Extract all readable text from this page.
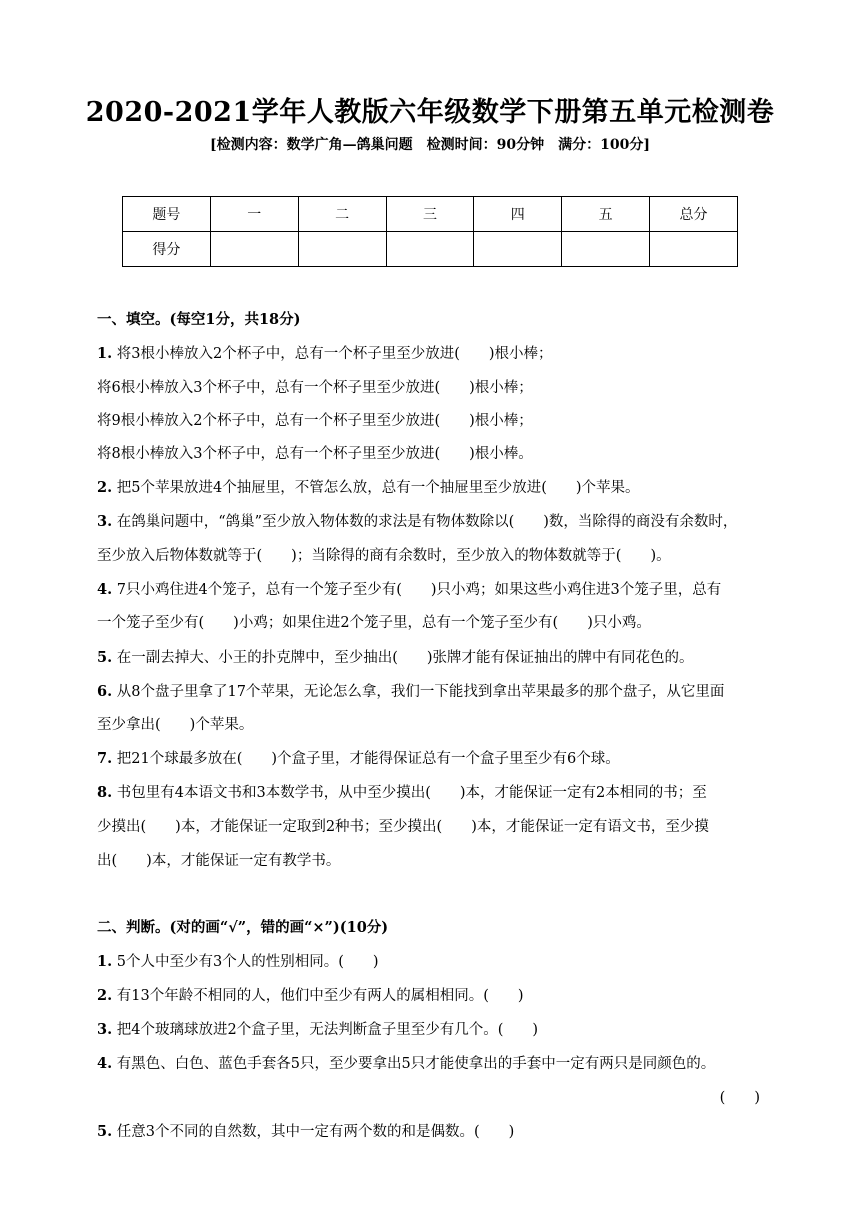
2020-2021学年人教版六年级数学下册第五单元检测卷
[检测内容：数学广角—鸽巢问题　检测时间：90分钟　满分：100分]
题号	一	二	三	四	五	总分
得分						
一、填空。(每空1分，共18分)
1. 将3根小棒放入2个杯子中，总有一个杯子里至少放进(　　)根小棒；
将6根小棒放入3个杯子中，总有一个杯子里至少放进(　　)根小棒；
将9根小棒放入2个杯子中，总有一个杯子里至少放进(　　)根小棒；
将8根小棒放入3个杯子中，总有一个杯子里至少放进(　　)根小棒。
2. 把5个苹果放进4个抽屉里，不管怎么放，总有一个抽屉里至少放进(　　)个苹果。
3. 在鸽巢问题中，“鸽巢”至少放入物体数的求法是有物体数除以(　　)数，当除得的商没有余数时，
至少放入后物体数就等于(　　)；当除得的商有余数时，至少放入的物体数就等于(　　)。
4. 7只小鸡住进4个笼子，总有一个笼子至少有(　　)只小鸡；如果这些小鸡住进3个笼子里，总有
一个笼子至少有(　　)小鸡；如果住进2个笼子里，总有一个笼子至少有(　　)只小鸡。
5. 在一副去掉大、小王的扑克牌中，至少抽出(　　)张牌才能有保证抽出的牌中有同花色的。
6. 从8个盘子里拿了17个苹果，无论怎么拿，我们一下能找到拿出苹果最多的那个盘子，从它里面
至少拿出(　　)个苹果。
7. 把21个球最多放在(　　)个盒子里，才能得保证总有一个盒子里至少有6个球。
8. 书包里有4本语文书和3本数学书，从中至少摸出(　　)本，才能保证一定有2本相同的书；至
少摸出(　　)本，才能保证一定取到2种书；至少摸出(　　)本，才能保证一定有语文书，至少摸
出(　　)本，才能保证一定有教学书。
二、判断。(对的画“√”，错的画“×”)(10分)
1. 5个人中至少有3个人的性别相同。(　　)
2. 有13个年龄不相同的人，他们中至少有两人的属相相同。(　　)
3. 把4个玻璃球放进2个盒子里，无法判断盒子里至少有几个。(　　)
4. 有黑色、白色、蓝色手套各5只，至少要拿出5只才能使拿出的手套中一定有两只是同颜色的。
(　　)
5. 任意3个不同的自然数，其中一定有两个数的和是偶数。(　　)
